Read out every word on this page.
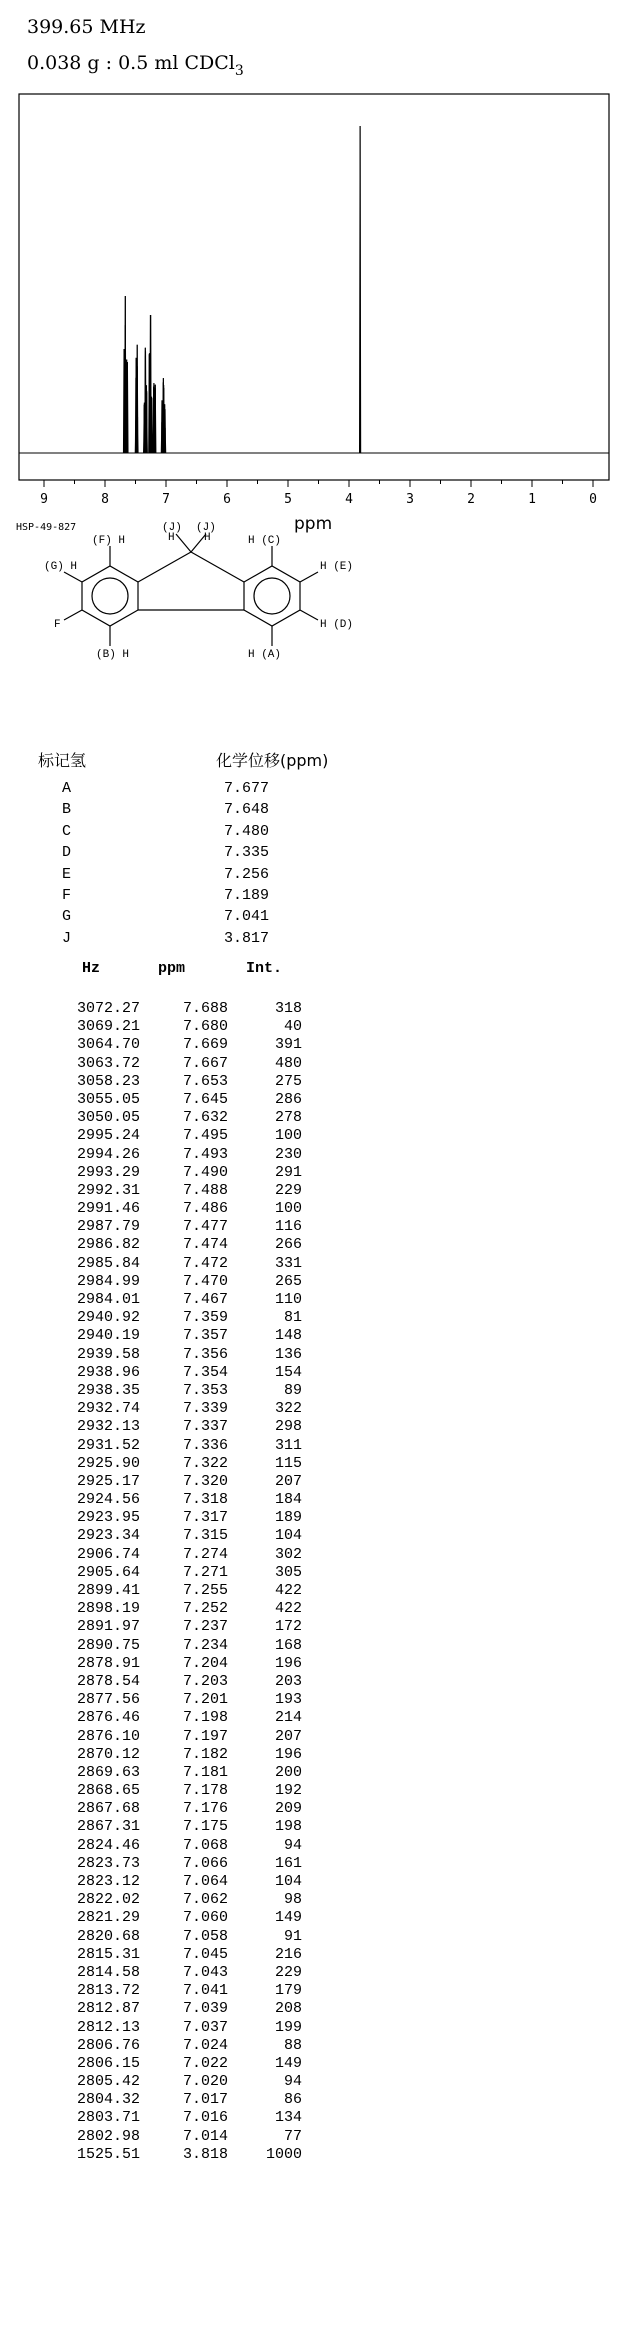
399.65 MHz
0.038 g : 0.5 ml CDCl$_3$
9	8	7	6	5	4	3	2	1	0
HSP-49-827	ppm
(F) H
(J)
H
(J)
H	H (C)
(G) H	H (E)
F	H (D)
(B) H	H (A)
标记氢	化学位移(ppm)
A	7.677
B	7.648
C	7.480
D	7.335
E	7.256
F	7.189
G	7.041
J	3.817
Hz	ppm	Int.
3072.27	7.688	318
3069.21	7.680	40
3064.70	7.669	391
3063.72	7.667	480
3058.23	7.653	275
3055.05	7.645	286
3050.05	7.632	278
2995.24	7.495	100
2994.26	7.493	230
2993.29	7.490	291
2992.31	7.488	229
2991.46	7.486	100
2987.79	7.477	116
2986.82	7.474	266
2985.84	7.472	331
2984.99	7.470	265
2984.01	7.467	110
2940.92	7.359	81
2940.19	7.357	148
2939.58	7.356	136
2938.96	7.354	154
2938.35	7.353	89
2932.74	7.339	322
2932.13	7.337	298
2931.52	7.336	311
2925.90	7.322	115
2925.17	7.320	207
2924.56	7.318	184
2923.95	7.317	189
2923.34	7.315	104
2906.74	7.274	302
2905.64	7.271	305
2899.41	7.255	422
2898.19	7.252	422
2891.97	7.237	172
2890.75	7.234	168
2878.91	7.204	196
2878.54	7.203	203
2877.56	7.201	193
2876.46	7.198	214
2876.10	7.197	207
2870.12	7.182	196
2869.63	7.181	200
2868.65	7.178	192
2867.68	7.176	209
2867.31	7.175	198
2824.46	7.068	94
2823.73	7.066	161
2823.12	7.064	104
2822.02	7.062	98
2821.29	7.060	149
2820.68	7.058	91
2815.31	7.045	216
2814.58	7.043	229
2813.72	7.041	179
2812.87	7.039	208
2812.13	7.037	199
2806.76	7.024	88
2806.15	7.022	149
2805.42	7.020	94
2804.32	7.017	86
2803.71	7.016	134
2802.98	7.014	77
1525.51	3.818	1000
